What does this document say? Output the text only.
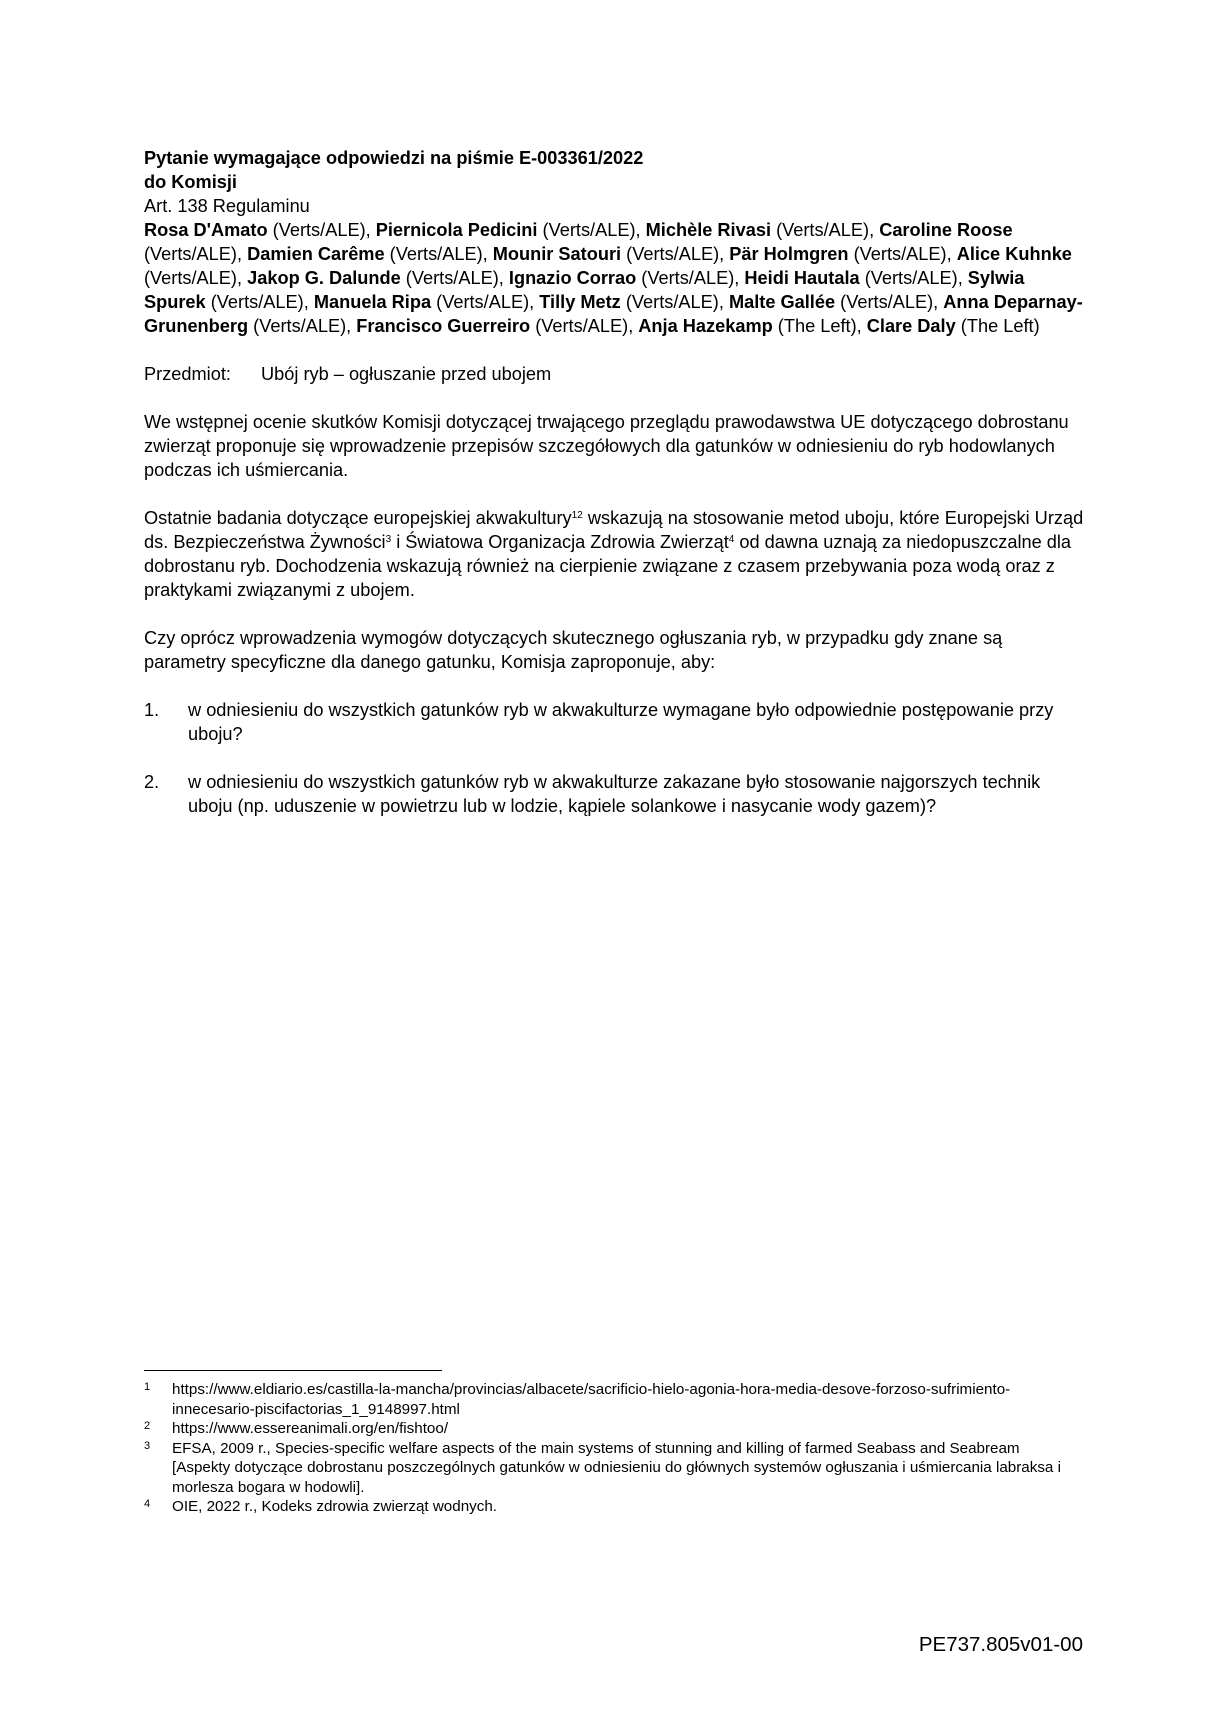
Pytanie wymagające odpowiedzi na piśmie E-003361/2022
do Komisji
Art. 138 Regulaminu
Rosa D'Amato (Verts/ALE), Piernicola Pedicini (Verts/ALE), Michèle Rivasi (Verts/ALE), Caroline Roose (Verts/ALE), Damien Carême (Verts/ALE), Mounir Satouri (Verts/ALE), Pär Holmgren (Verts/ALE), Alice Kuhnke (Verts/ALE), Jakop G. Dalunde (Verts/ALE), Ignazio Corrao (Verts/ALE), Heidi Hautala (Verts/ALE), Sylwia Spurek (Verts/ALE), Manuela Ripa (Verts/ALE), Tilly Metz (Verts/ALE), Malte Gallée (Verts/ALE), Anna Deparnay-Grunenberg (Verts/ALE), Francisco Guerreiro (Verts/ALE), Anja Hazekamp (The Left), Clare Daly (The Left)
Przedmiot: Ubój ryb – ogłuszanie przed ubojem

We wstępnej ocenie skutków Komisji dotyczącej trwającego przeglądu prawodawstwa UE dotyczącego dobrostanu zwierząt proponuje się wprowadzenie przepisów szczegółowych dla gatunków w odniesieniu do ryb hodowlanych podczas ich uśmiercania.

Ostatnie badania dotyczące europejskiej akwakultury$^{12}$ wskazują na stosowanie metod uboju, które Europejski Urząd ds. Bezpieczeństwa Żywności$^3$ i Światowa Organizacja Zdrowia Zwierząt$^4$ od dawna uznają za niedopuszczalne dla dobrostanu ryb. Dochodzenia wskazują również na cierpienie związane z czasem przebywania poza wodą oraz z praktykami związanymi z ubojem.

Czy oprócz wprowadzenia wymogów dotyczących skutecznego ogłuszania ryb, w przypadku gdy znane są parametry specyficzne dla danego gatunku, Komisja zaproponuje, aby:

1.	w odniesieniu do wszystkich gatunków ryb w akwakulturze wymagane było odpowiednie postępowanie przy uboju?
2.	w odniesieniu do wszystkich gatunków ryb w akwakulturze zakazane było stosowanie najgorszych technik uboju (np. uduszenie w powietrzu lub w lodzie, kąpiele solankowe i nasycanie wody gazem)?
1	https://www.eldiario.es/castilla-la-mancha/provincias/albacete/sacrificio-hielo-agonia-hora-media-desove-forzoso-sufrimiento-innecesario-piscifactorias_1_9148997.html
2	https://www.essereanimali.org/en/fishtoo/
3	EFSA, 2009 r., Species-specific welfare aspects of the main systems of stunning and killing of farmed Seabass and Seabream [Aspekty dotyczące dobrostanu poszczególnych gatunków w odniesieniu do głównych systemów ogłuszania i uśmiercania labraksa i morlesza bogara w hodowli].
4	OIE, 2022 r., Kodeks zdrowia zwierząt wodnych.
PE737.805v01-00
